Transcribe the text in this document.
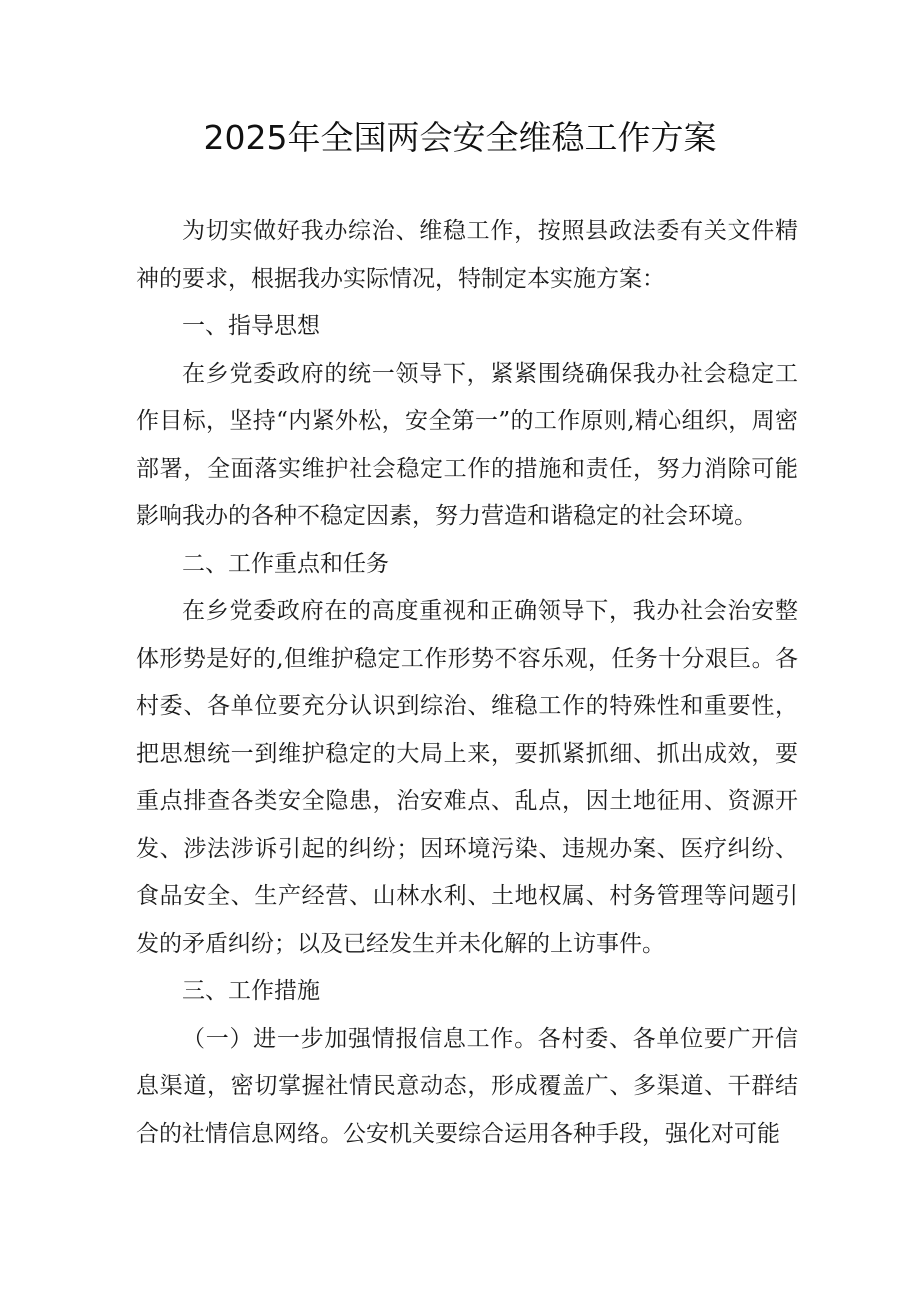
2025年全国两会安全维稳工作方案

为切实做好我办综治、维稳工作，按照县政法委有关文件精神的要求，根据我办实际情况，特制定本实施方案：

一、指导思想

在乡党委政府的统一领导下，紧紧围绕确保我办社会稳定工作目标，坚持“内紧外松，安全第一”的工作原则,精心组织，周密部署，全面落实维护社会稳定工作的措施和责任，努力消除可能影响我办的各种不稳定因素，努力营造和谐稳定的社会环境。

二、工作重点和任务

在乡党委政府在的高度重视和正确领导下，我办社会治安整体形势是好的,但维护稳定工作形势不容乐观，任务十分艰巨。各村委、各单位要充分认识到综治、维稳工作的特殊性和重要性，把思想统一到维护稳定的大局上来，要抓紧抓细、抓出成效，要重点排查各类安全隐患，治安难点、乱点，因土地征用、资源开发、涉法涉诉引起的纠纷；因环境污染、违规办案、医疗纠纷、食品安全、生产经营、山林水利、土地权属、村务管理等问题引发的矛盾纠纷；以及已经发生并未化解的上访事件。

三、工作措施

（一）进一步加强情报信息工作。各村委、各单位要广开信息渠道，密切掌握社情民意动态，形成覆盖广、多渠道、干群结合的社情信息网络。公安机关要综合运用各种手段，强化对可能
